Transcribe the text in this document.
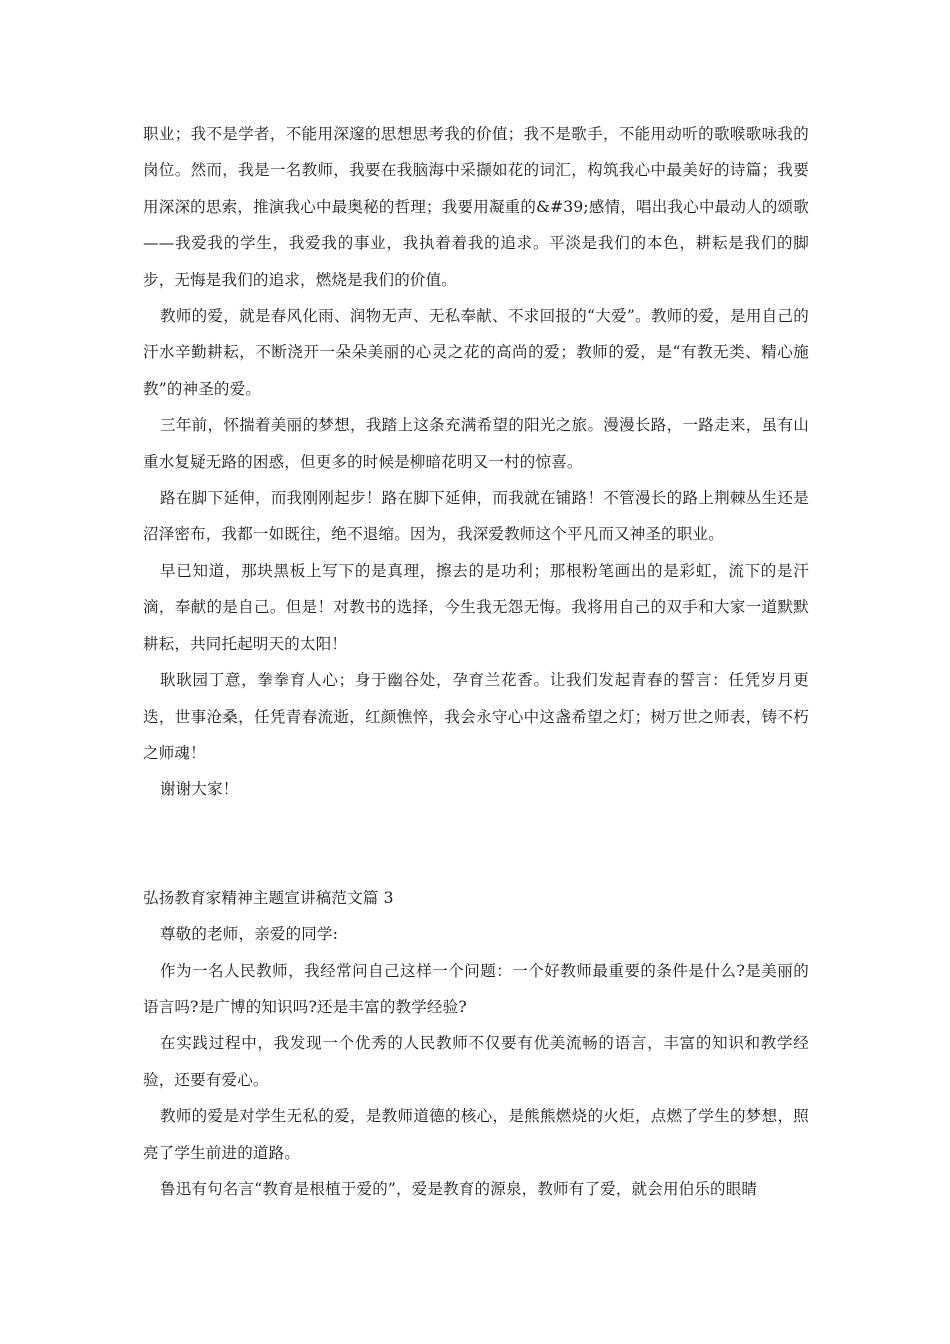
职业；我不是学者，不能用深邃的思想思考我的价值；我不是歌手，不能用动听的歌喉歌咏我的岗位。然而，我是一名教师，我要在我脑海中采撷如花的词汇，构筑我心中最美好的诗篇；我要用深深的思索，推演我心中最奥秘的哲理；我要用凝重的&#39;感情，唱出我心中最动人的颂歌——我爱我的学生，我爱我的事业，我执着着我的追求。平淡是我们的本色，耕耘是我们的脚步，无悔是我们的追求，燃烧是我们的价值。

教师的爱，就是春风化雨、润物无声、无私奉献、不求回报的“大爱”。教师的爱，是用自己的汗水辛勤耕耘，不断浇开一朵朵美丽的心灵之花的高尚的爱；教师的爱，是“有教无类、精心施教”的神圣的爱。

三年前，怀揣着美丽的梦想，我踏上这条充满希望的阳光之旅。漫漫长路，一路走来，虽有山重水复疑无路的困惑，但更多的时候是柳暗花明又一村的惊喜。

路在脚下延伸，而我刚刚起步！路在脚下延伸，而我就在铺路！不管漫长的路上荆棘丛生还是沼泽密布，我都一如既往，绝不退缩。因为，我深爱教师这个平凡而又神圣的职业。

早已知道，那块黑板上写下的是真理，擦去的是功利；那根粉笔画出的是彩虹，流下的是汗滴，奉献的是自己。但是！对教书的选择，今生我无怨无悔。我将用自己的双手和大家一道默默耕耘，共同托起明天的太阳！

耿耿园丁意，拳拳育人心；身于幽谷处，孕育兰花香。让我们发起青春的誓言：任凭岁月更迭，世事沧桑，任凭青春流逝，红颜憔悴，我会永守心中这盏希望之灯；树万世之师表，铸不朽之师魂！

谢谢大家！

弘扬教育家精神主题宣讲稿范文篇 3

尊敬的老师，亲爱的同学:

作为一名人民教师，我经常问自己这样一个问题：一个好教师最重要的条件是什么?是美丽的语言吗?是广博的知识吗?还是丰富的教学经验?

在实践过程中，我发现一个优秀的人民教师不仅要有优美流畅的语言，丰富的知识和教学经验，还要有爱心。

教师的爱是对学生无私的爱，是教师道德的核心，是熊熊燃烧的火炬，点燃了学生的梦想，照亮了学生前进的道路。

鲁迅有句名言“教育是根植于爱的”，爱是教育的源泉，教师有了爱，就会用伯乐的眼睛
